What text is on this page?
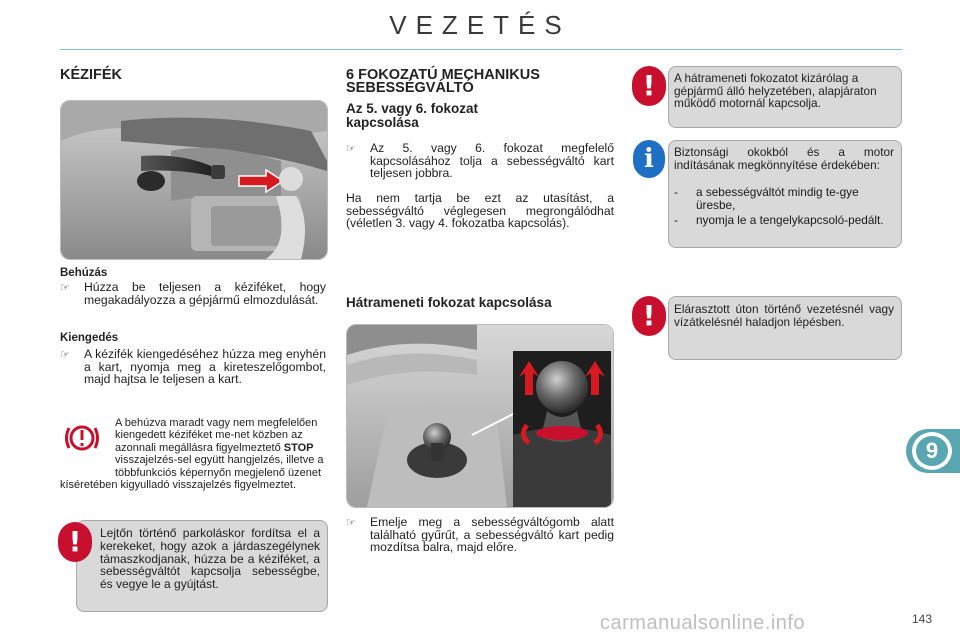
VEZETÉS
KÉZIFÉK
Behúzás
☞ Húzza be teljesen a kéziféket, hogy megakadályozza a gépjármű elmozdulását.
Kiengedés
☞ A kézifék kiengedéséhez húzza meg enyhén a kart, nyomja meg a kireteszelőgombot, majd hajtsa le teljesen a kart.
A behúzva maradt vagy nem megfelelően kiengedett kéziféket me-net közben az azonnali megállásra figyelmeztető STOP visszajelzés-sel együtt hangjelzés, illetve a többfunkciós képernyőn megjelenő üzenet kíséretében kigyulladó visszajelzés figyelmeztet.
!	Lejtőn történő parkoláskor fordítsa el a kerekeket, hogy azok a járdaszegélynek támaszkodjanak, húzza be a kéziféket, a sebességváltót kapcsolja sebességbe, és vegye le a gyújtást.
6 FOKOZATÚ MECHANIKUS
SEBESSÉGVÁLTÓ
Az 5. vagy 6. fokozat
kapcsolása
☞ Az 5. vagy 6. fokozat megfelelő kapcsolásához tolja a sebességváltó kart teljesen jobbra.
Ha nem tartja be ezt az utasítást, a sebességváltó véglegesen megrongálódhat (véletlen 3. vagy 4. fokozatba kapcsolás).
Hátrameneti fokozat kapcsolása
☞ Emelje meg a sebességváltógomb alatt található gyűrűt, a sebességváltó kart pedig mozdítsa balra, majd előre.
!	A hátrameneti fokozatot kizárólag a gépjármű álló helyzetében, alapjáraton működő motornál kapcsolja.
i	Biztonsági okokból és a motor indításának megkönnyítése érdekében:
- a sebességváltót mindig te-gye üresbe,
- nyomja le a tengelykapcsoló-pedált.
!	Elárasztott úton történő vezetésnél vagy vízátkelésnél haladjon lépésben.
9
carmanualsonline.info	143
